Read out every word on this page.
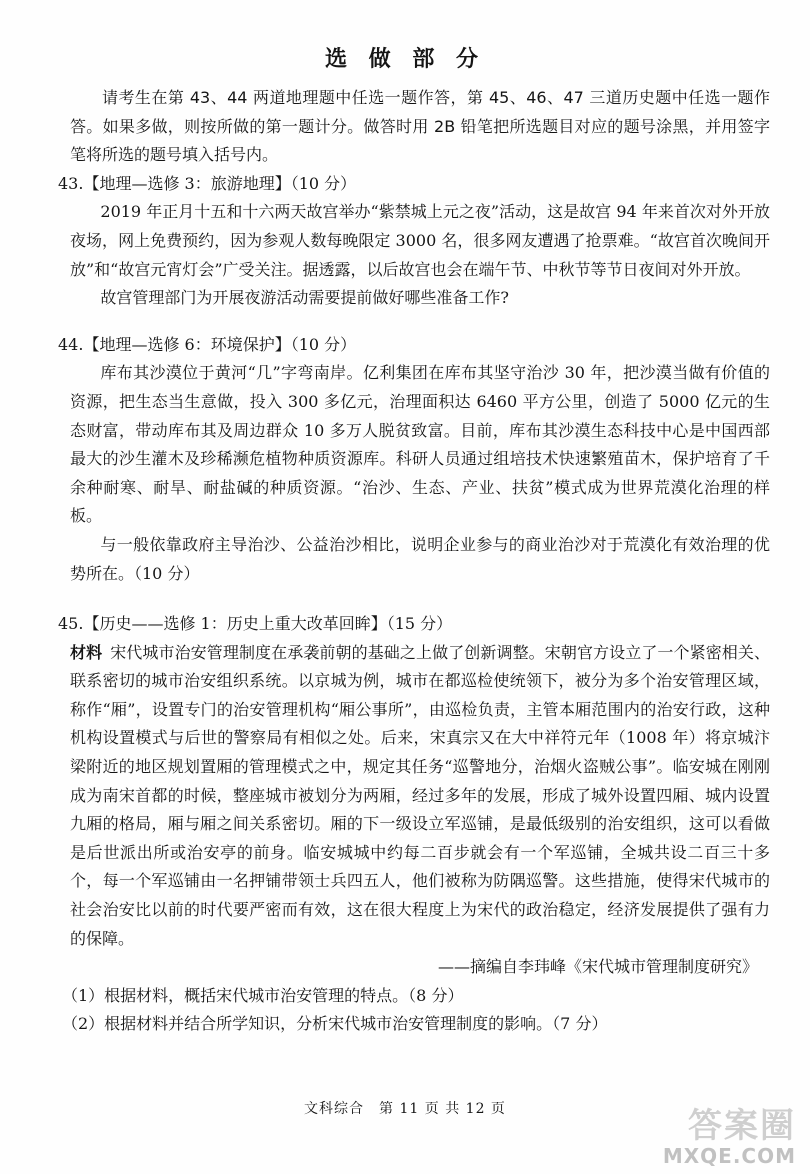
选 做 部 分

请考生在第 43、44 两道地理题中任选一题作答，第 45、46、47 三道历史题中任选一题作答。如果多做，则按所做的第一题计分。做答时用 2B 铅笔把所选题目对应的题号涂黑，并用签字笔将所选的题号填入括号内。

43.【地理—选修 3：旅游地理】（10 分）

2019 年正月十五和十六两天故宫举办“紫禁城上元之夜”活动，这是故宫 94 年来首次对外开放夜场，网上免费预约，因为参观人数每晚限定 3000 名，很多网友遭遇了抢票难。“故宫首次晚间开放”和“故宫元宵灯会”广受关注。据透露，以后故宫也会在端午节、中秋节等节日夜间对外开放。

故宫管理部门为开展夜游活动需要提前做好哪些准备工作?

44.【地理—选修 6：环境保护】（10 分）

库布其沙漠位于黄河“几”字弯南岸。亿利集团在库布其坚守治沙 30 年，把沙漠当做有价值的资源，把生态当生意做，投入 300 多亿元，治理面积达 6460 平方公里，创造了 5000 亿元的生态财富，带动库布其及周边群众 10 多万人脱贫致富。目前，库布其沙漠生态科技中心是中国西部最大的沙生灌木及珍稀濒危植物种质资源库。科研人员通过组培技术快速繁殖苗木，保护培育了千余种耐寒、耐旱、耐盐碱的种质资源。“治沙、生态、产业、扶贫”模式成为世界荒漠化治理的样板。

与一般依靠政府主导治沙、公益治沙相比，说明企业参与的商业治沙对于荒漠化有效治理的优势所在。（10 分）

45.【历史——选修 1：历史上重大改革回眸】（15 分）

材料 宋代城市治安管理制度在承袭前朝的基础之上做了创新调整。宋朝官方设立了一个紧密相关、联系密切的城市治安组织系统。以京城为例，城市在都巡检使统领下，被分为多个治安管理区域，称作“厢”，设置专门的治安管理机构“厢公事所”，由巡检负责，主管本厢范围内的治安行政，这种机构设置模式与后世的警察局有相似之处。后来，宋真宗又在大中祥符元年（1008 年）将京城汴梁附近的地区规划置厢的管理模式之中，规定其任务“巡警地分，治烟火盗贼公事”。临安城在刚刚成为南宋首都的时候，整座城市被划分为两厢，经过多年的发展，形成了城外设置四厢、城内设置九厢的格局，厢与厢之间关系密切。厢的下一级设立军巡铺，是最低级别的治安组织，这可以看做是后世派出所或治安亭的前身。临安城城中约每二百步就会有一个军巡铺，全城共设二百三十多个，每一个军巡铺由一名押铺带领士兵四五人，他们被称为防隅巡警。这些措施，使得宋代城市的社会治安比以前的时代要严密而有效，这在很大程度上为宋代的政治稳定，经济发展提供了强有力的保障。

——摘编自李玮峰《宋代城市管理制度研究》

（1）根据材料，概括宋代城市治安管理的特点。（8 分）

（2）根据材料并结合所学知识，分析宋代城市治安管理制度的影响。（7 分）

文科综合　第 11 页 共 12 页	答案圈
MXQE.COM
